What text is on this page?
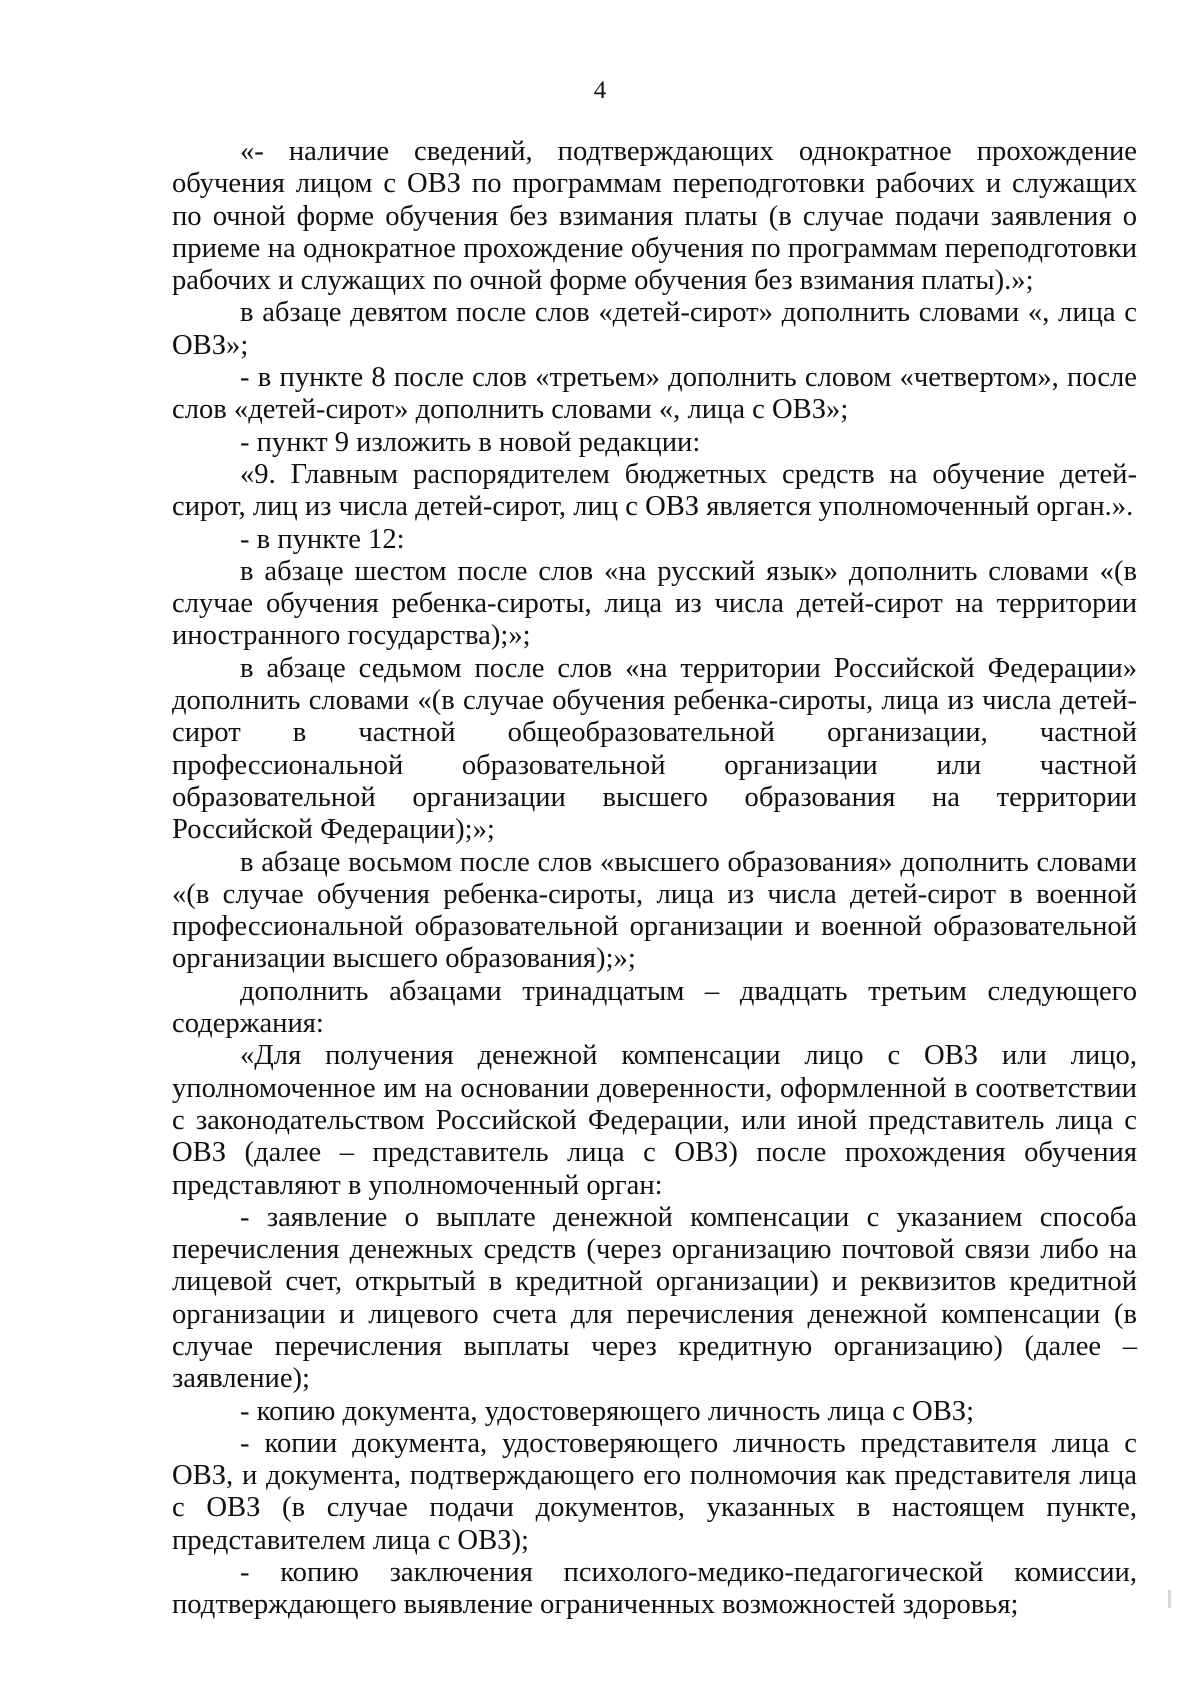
4

«- наличие сведений, подтверждающих однократное прохождение обучения лицом с ОВЗ по программам переподготовки рабочих и служащих по очной форме обучения без взимания платы (в случае подачи заявления о приеме на однократное прохождение обучения по программам переподготовки рабочих и служащих по очной форме обучения без взимания платы).»;

в абзаце девятом после слов «детей-сирот» дополнить словами «, лица с ОВЗ»;

- в пункте 8 после слов «третьем» дополнить словом «четвертом», после слов «детей-сирот» дополнить словами «, лица с ОВЗ»;

- пункт 9 изложить в новой редакции:

«9. Главным распорядителем бюджетных средств на обучение детей-сирот, лиц из числа детей-сирот, лиц с ОВЗ является уполномоченный орган.».

- в пункте 12:

в абзаце шестом после слов «на русский язык» дополнить словами «(в случае обучения ребенка-сироты, лица из числа детей-сирот на территории иностранного государства);»;

в абзаце седьмом после слов «на территории Российской Федерации» дополнить словами «(в случае обучения ребенка-сироты, лица из числа детей-сирот в частной общеобразовательной организации, частной профессиональной образовательной организации или частной образовательной организации высшего образования на территории Российской Федерации);»;

в абзаце восьмом после слов «высшего образования» дополнить словами «(в случае обучения ребенка-сироты, лица из числа детей-сирот в военной профессиональной образовательной организации и военной образовательной организации высшего образования);»;

дополнить абзацами тринадцатым – двадцать третьим следующего содержания:

«Для получения денежной компенсации лицо с ОВЗ или лицо, уполномоченное им на основании доверенности, оформленной в соответствии с законодательством Российской Федерации, или иной представитель лица с ОВЗ (далее – представитель лица с ОВЗ) после прохождения обучения представляют в уполномоченный орган:

- заявление о выплате денежной компенсации с указанием способа перечисления денежных средств (через организацию почтовой связи либо на лицевой счет, открытый в кредитной организации) и реквизитов кредитной организации и лицевого счета для перечисления денежной компенсации (в случае перечисления выплаты через кредитную организацию) (далее – заявление);

- копию документа, удостоверяющего личность лица с ОВЗ;

- копии документа, удостоверяющего личность представителя лица с ОВЗ, и документа, подтверждающего его полномочия как представителя лица с ОВЗ (в случае подачи документов, указанных в настоящем пункте, представителем лица с ОВЗ);

- копию заключения психолого-медико-педагогической комиссии, подтверждающего выявление ограниченных возможностей здоровья;
